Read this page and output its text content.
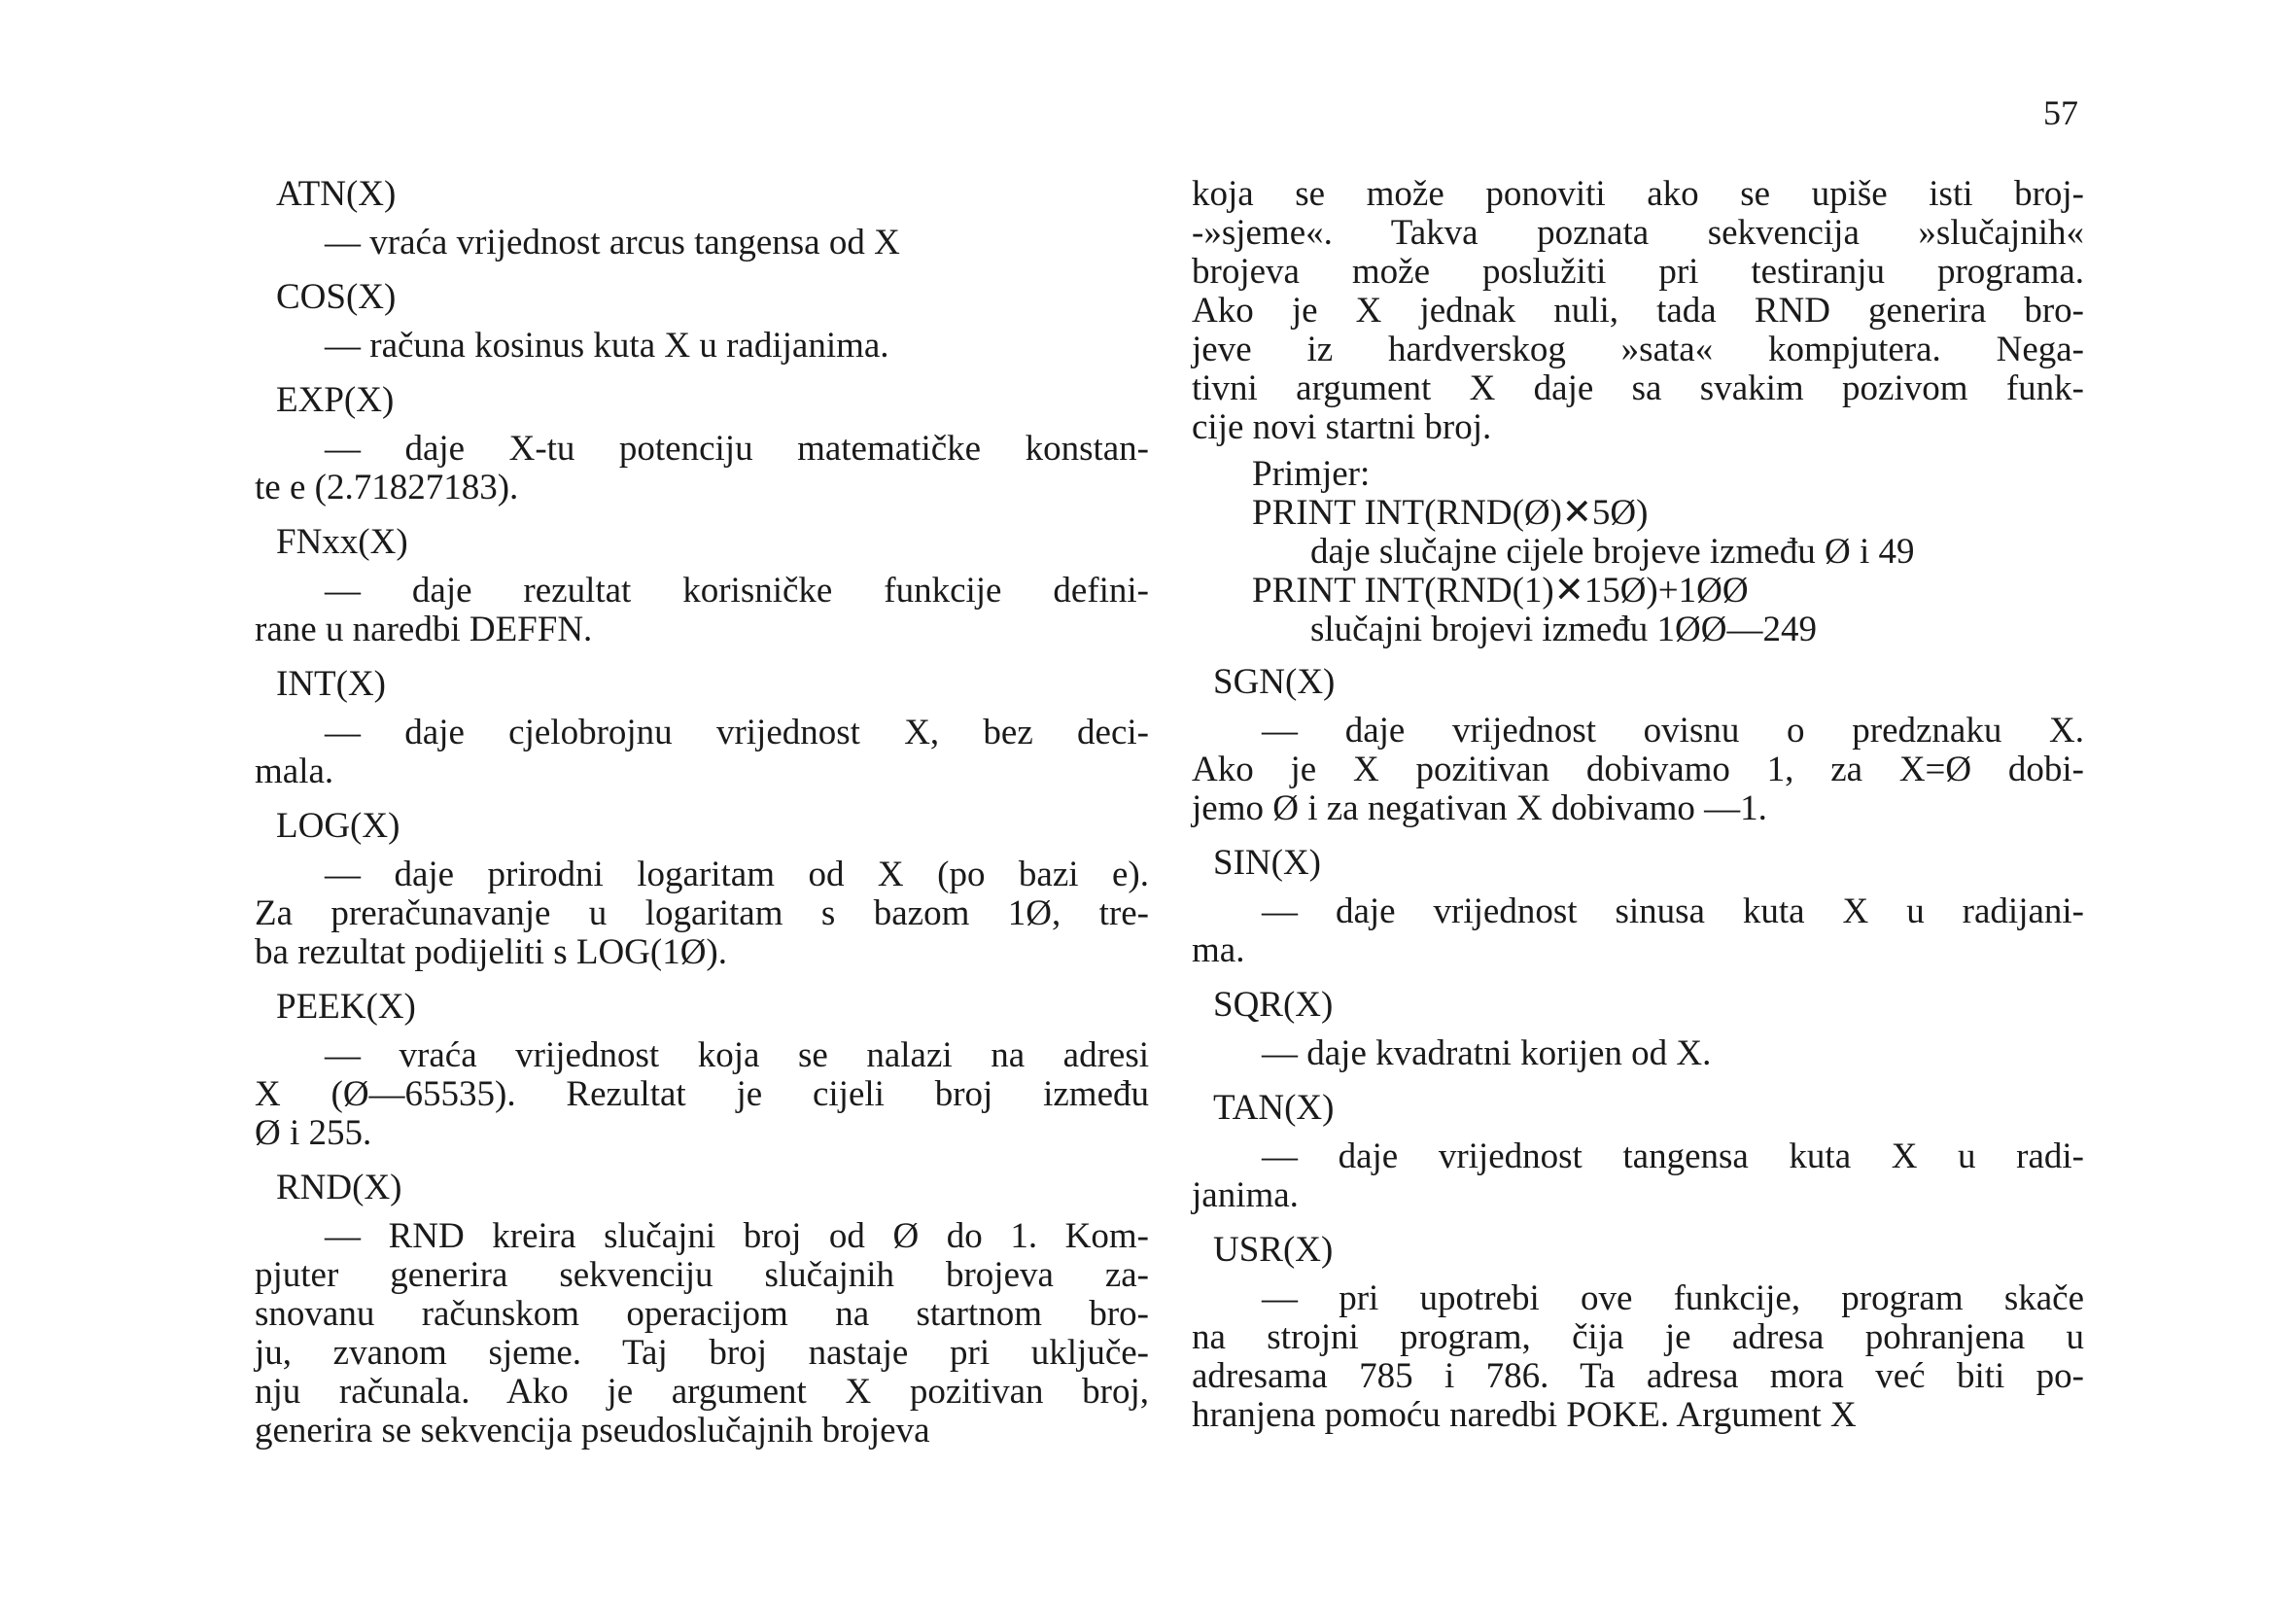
57

ATN(X)

— vraća vrijednost arcus tangensa od X

COS(X)

— računa kosinus kuta X u radijanima.

EXP(X)

— daje X-tu potenciju matematičke konstan-

te e (2.71827183).

FNxx(X)

— daje rezultat korisničke funkcije defini-

rane u naredbi DEFFN.

INT(X)

— daje cjelobrojnu vrijednost X, bez deci-

mala.

LOG(X)

— daje prirodni logaritam od X (po bazi e).

Za preračunavanje u logaritam s bazom 1Ø, tre-

ba rezultat podijeliti s LOG(1Ø).

PEEK(X)

— vraća vrijednost koja se nalazi na adresi

X (Ø—65535). Rezultat je cijeli broj između

Ø i 255.

RND(X)

— RND kreira slučajni broj od Ø do 1. Kom-

pjuter generira sekvenciju slučajnih brojeva za-

snovanu računskom operacijom na startnom bro-

ju, zvanom sjeme. Taj broj nastaje pri uključe-

nju računala. Ako je argument X pozitivan broj,

generira se sekvencija pseudoslučajnih brojeva

koja se može ponoviti ako se upiše isti broj-

-»sjeme«. Takva poznata sekvencija »slučajnih«

brojeva može poslužiti pri testiranju programa.

Ako je X jednak nuli, tada RND generira bro-

jeve iz hardverskog »sata« kompjutera. Nega-

tivni argument X daje sa svakim pozivom funk-

cije novi startni broj.

Primjer:

PRINT INT(RND(Ø)✕5Ø)

daje slučajne cijele brojeve između Ø i 49

PRINT INT(RND(1)✕15Ø)+1ØØ

slučajni brojevi između 1ØØ—249

SGN(X)

— daje vrijednost ovisnu o predznaku X.

Ako je X pozitivan dobivamo 1, za X=Ø dobi-

jemo Ø i za negativan X dobivamo —1.

SIN(X)

— daje vrijednost sinusa kuta X u radijani-

ma.

SQR(X)

— daje kvadratni korijen od X.

TAN(X)

— daje vrijednost tangensa kuta X u radi-

janima.

USR(X)

— pri upotrebi ove funkcije, program skače

na strojni program, čija je adresa pohranjena u

adresama 785 i 786. Ta adresa mora već biti po-

hranjena pomoću naredbi POKE. Argument X
